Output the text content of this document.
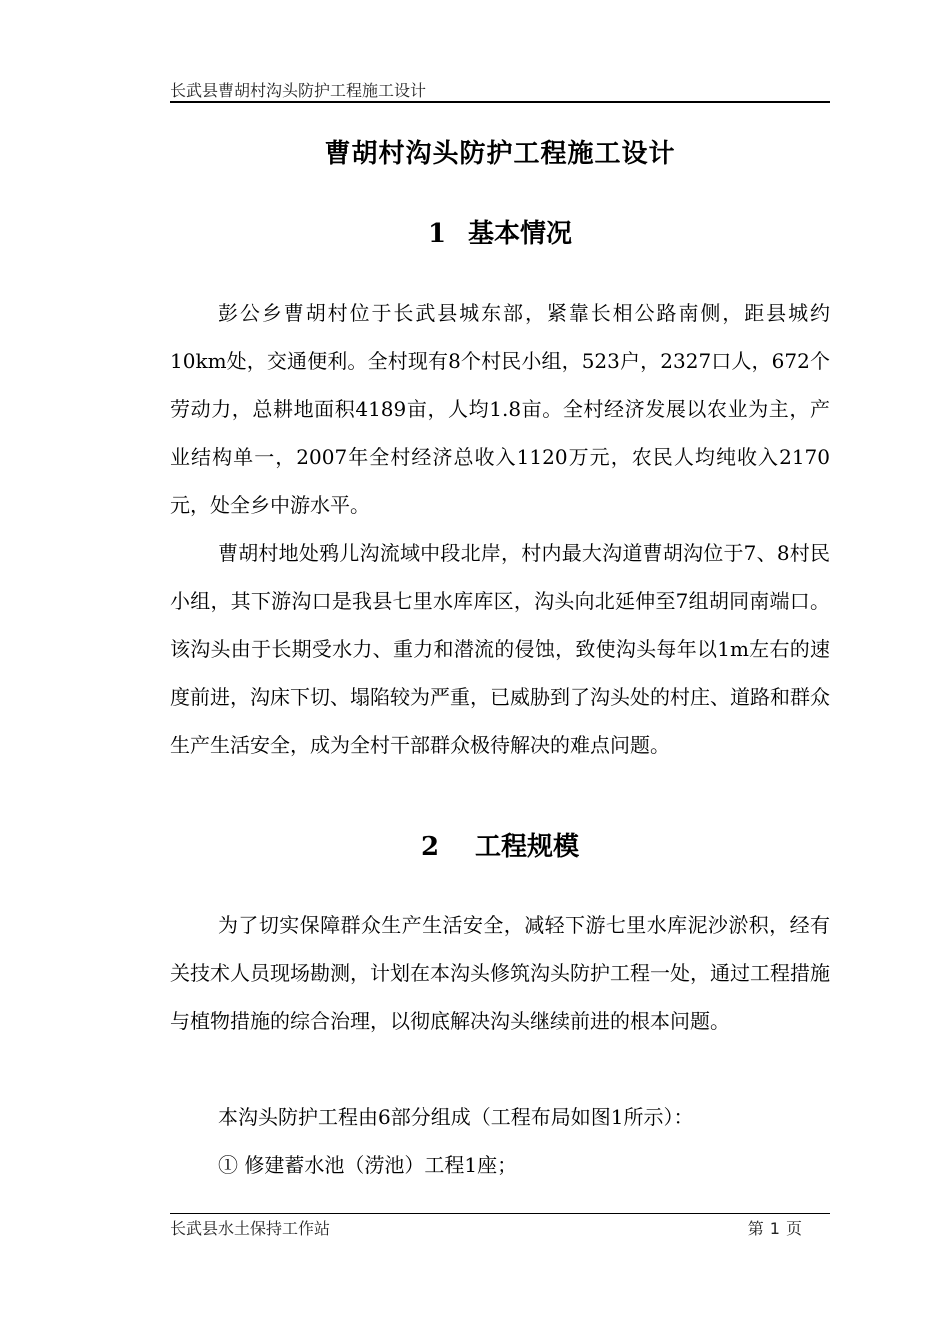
长武县曹胡村沟头防护工程施工设计
曹胡村沟头防护工程施工设计
1 基本情况
彭公乡曹胡村位于长武县城东部，紧靠长相公路南侧，距县城约10km处，交通便利。全村现有8个村民小组，523户，2327口人，672个劳动力，总耕地面积4189亩，人均1.8亩。全村经济发展以农业为主，产业结构单一，2007年全村经济总收入1120万元，农民人均纯收入2170元，处全乡中游水平。
曹胡村地处鸦儿沟流域中段北岸，村内最大沟道曹胡沟位于7、8村民小组，其下游沟口是我县七里水库库区，沟头向北延伸至7组胡同南端口。该沟头由于长期受水力、重力和潜流的侵蚀，致使沟头每年以1m左右的速度前进，沟床下切、塌陷较为严重，已威胁到了沟头处的村庄、道路和群众生产生活安全，成为全村干部群众极待解决的难点问题。
2 工程规模
为了切实保障群众生产生活安全，减轻下游七里水库泥沙淤积，经有关技术人员现场勘测，计划在本沟头修筑沟头防护工程一处，通过工程措施与植物措施的综合治理，以彻底解决沟头继续前进的根本问题。
本沟头防护工程由6部分组成（工程布局如图1所示）：
① 修建蓄水池（涝池）工程1座；
长武县水土保持工作站	第 1 页
